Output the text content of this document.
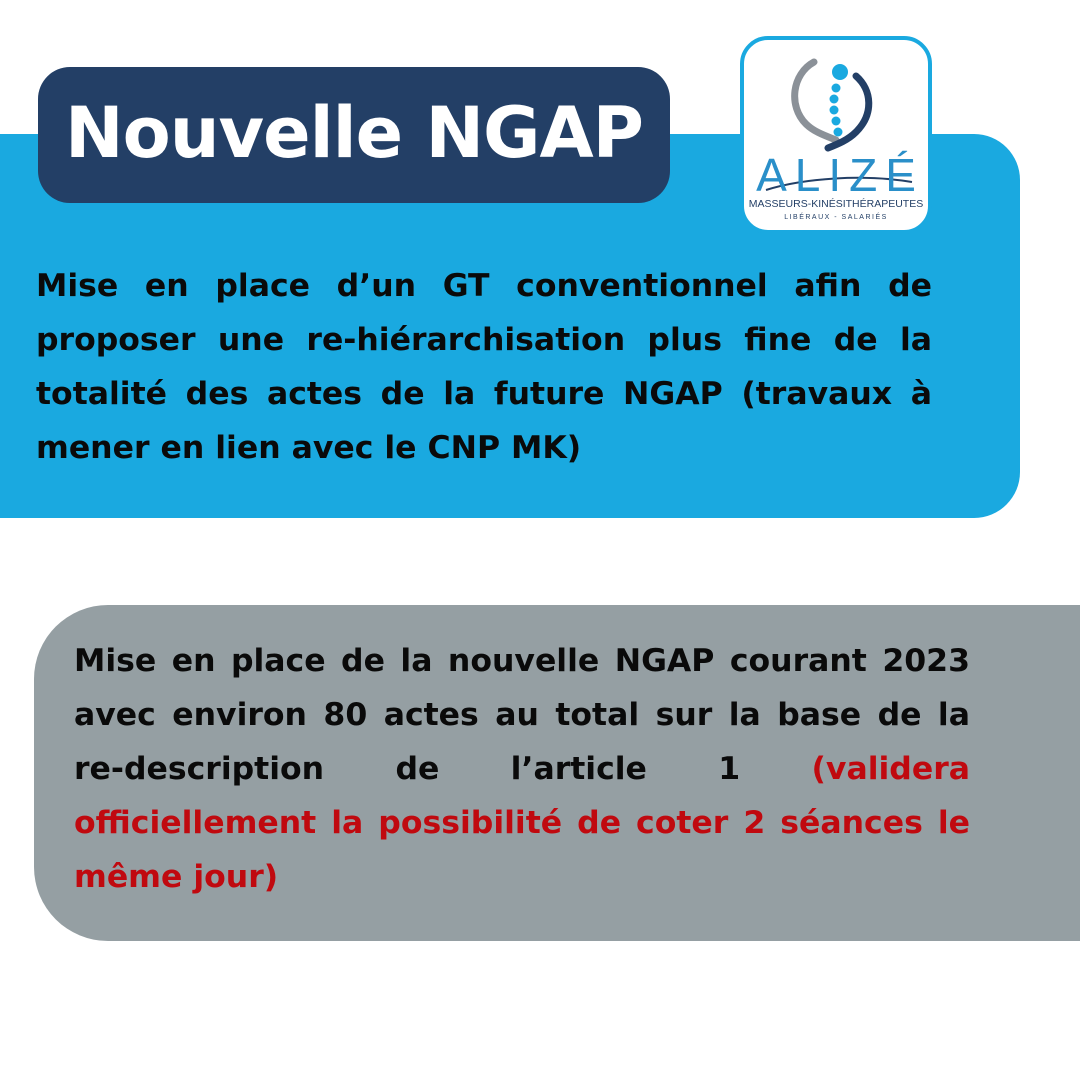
Nouvelle NGAP
ALIZÉ
MASSEURS-KINÉSITHÉRAPEUTES
LIBÉRAUX - SALARIÉS

Mise en place d’un GT conventionnel afin de proposer une re-hiérarchisation plus fine de la totalité des actes de la future NGAP (travaux à mener en lien avec le CNP MK)

Mise en place de la nouvelle NGAP courant 2023 avec environ 80 actes au total sur la base de la re-description de l’article 1 (validera officiellement la possibilité de coter 2 séances le même jour)
